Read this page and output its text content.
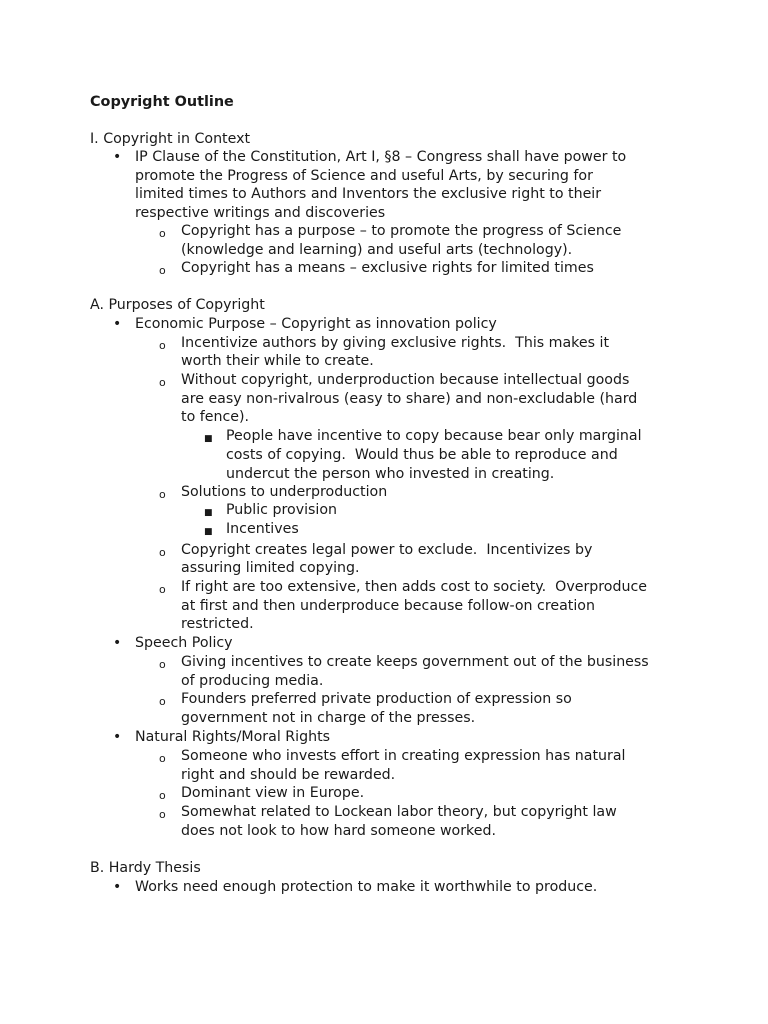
Copyright Outline
I. Copyright in Context
• IP Clause of the Constitution, Art I, §8 – Congress shall have power to
promote the Progress of Science and useful Arts, by securing for
limited times to Authors and Inventors the exclusive right to their
respective writings and discoveries
o Copyright has a purpose – to promote the progress of Science
(knowledge and learning) and useful arts (technology).
o Copyright has a means – exclusive rights for limited times
A. Purposes of Copyright
• Economic Purpose – Copyright as innovation policy
o Incentivize authors by giving exclusive rights.  This makes it
worth their while to create.
o Without copyright, underproduction because intellectual goods
are easy non-rivalrous (easy to share) and non-excludable (hard
to fence).
■ People have incentive to copy because bear only marginal
costs of copying.  Would thus be able to reproduce and
undercut the person who invested in creating.
o Solutions to underproduction
■ Public provision
■ Incentives
o Copyright creates legal power to exclude.  Incentivizes by
assuring limited copying.
o If right are too extensive, then adds cost to society.  Overproduce
at first and then underproduce because follow-on creation
restricted.
• Speech Policy
o Giving incentives to create keeps government out of the business
of producing media.
o Founders preferred private production of expression so
government not in charge of the presses.
• Natural Rights/Moral Rights
o Someone who invests effort in creating expression has natural
right and should be rewarded.
o Dominant view in Europe.
o Somewhat related to Lockean labor theory, but copyright law
does not look to how hard someone worked.
B. Hardy Thesis
• Works need enough protection to make it worthwhile to produce.
